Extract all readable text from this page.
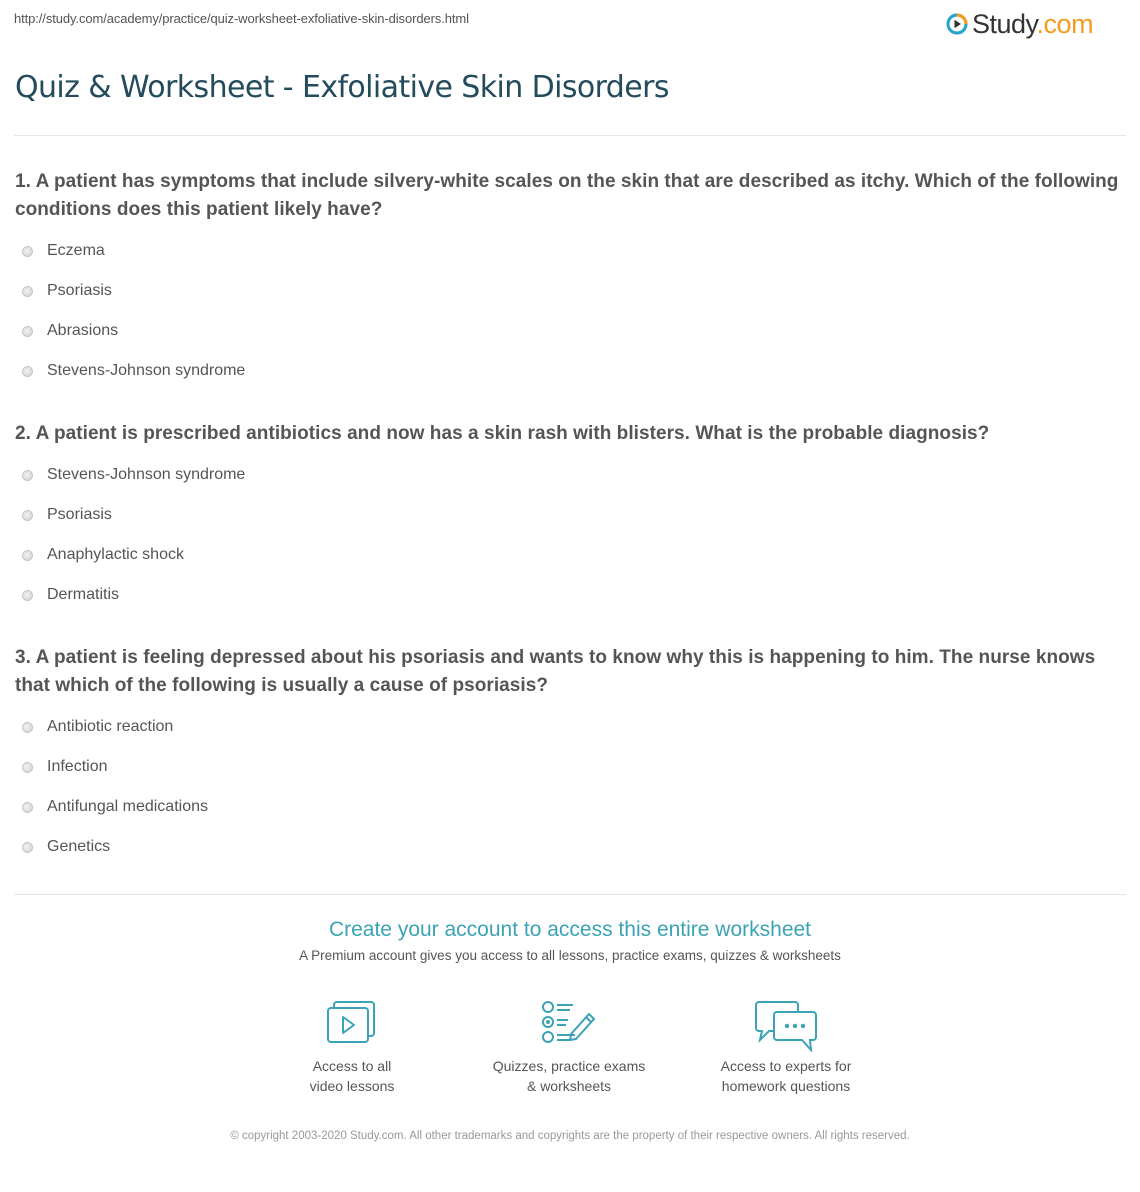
http://study.com/academy/practice/quiz-worksheet-exfoliative-skin-disorders.html	Study.com
Quiz & Worksheet - Exfoliative Skin Disorders
1. A patient has symptoms that include silvery-white scales on the skin that are described as itchy. Which of the following conditions does this patient likely have?
Eczema
Psoriasis
Abrasions
Stevens-Johnson syndrome
2. A patient is prescribed antibiotics and now has a skin rash with blisters. What is the probable diagnosis?
Stevens-Johnson syndrome
Psoriasis
Anaphylactic shock
Dermatitis
3. A patient is feeling depressed about his psoriasis and wants to know why this is happening to him. The nurse knows that which of the following is usually a cause of psoriasis?
Antibiotic reaction
Infection
Antifungal medications
Genetics
Create your account to access this entire worksheet
A Premium account gives you access to all lessons, practice exams, quizzes & worksheets
Access to all
video lessons
Quizzes, practice exams
& worksheets
Access to experts for
homework questions
© copyright 2003-2020 Study.com. All other trademarks and copyrights are the property of their respective owners. All rights reserved.
